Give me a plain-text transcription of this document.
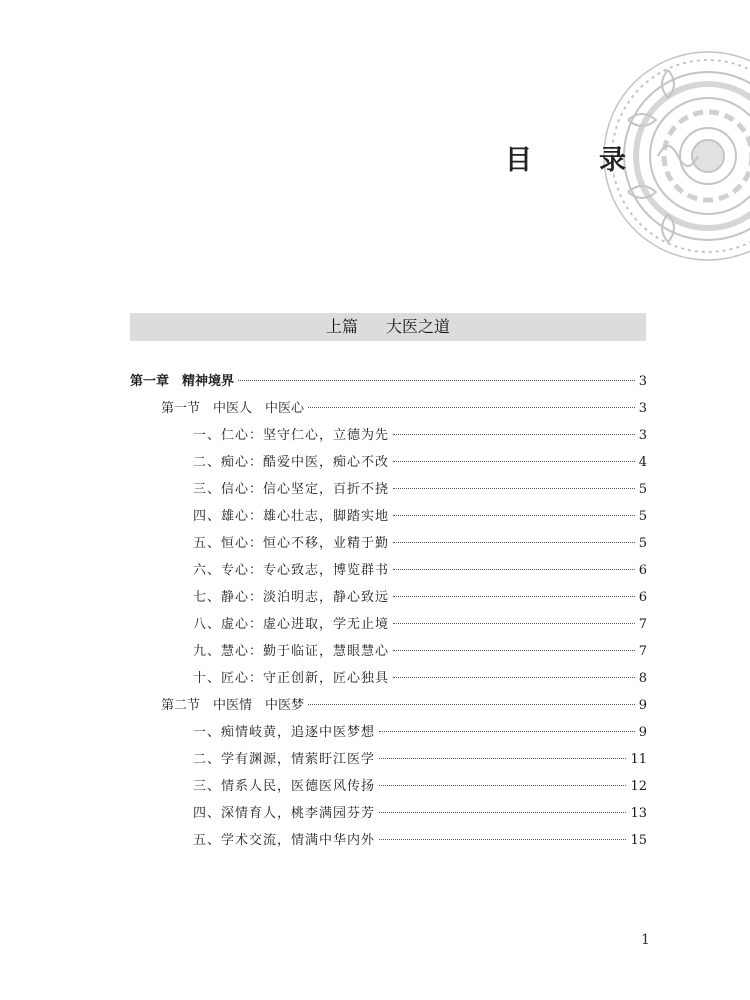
目　录
上篇　 大医之道
第一章　精神境界	3
第一节　中医人　中医心	3
一、仁心：坚守仁心，立德为先	3
二、痴心：酷爱中医，痴心不改	4
三、信心：信心坚定，百折不挠	5
四、雄心：雄心壮志，脚踏实地	5
五、恒心：恒心不移，业精于勤	5
六、专心：专心致志，博览群书	6
七、静心：淡泊明志，静心致远	6
八、虚心：虚心进取，学无止境	7
九、慧心：勤于临证，慧眼慧心	7
十、匠心：守正创新，匠心独具	8
第二节　中医情　中医梦	9
一、痴情岐黄，追逐中医梦想	9
二、学有渊源，情萦盱江医学	11
三、情系人民，医德医风传扬	12
四、深情育人，桃李满园芬芳	13
五、学术交流，情满中华内外	15
1
